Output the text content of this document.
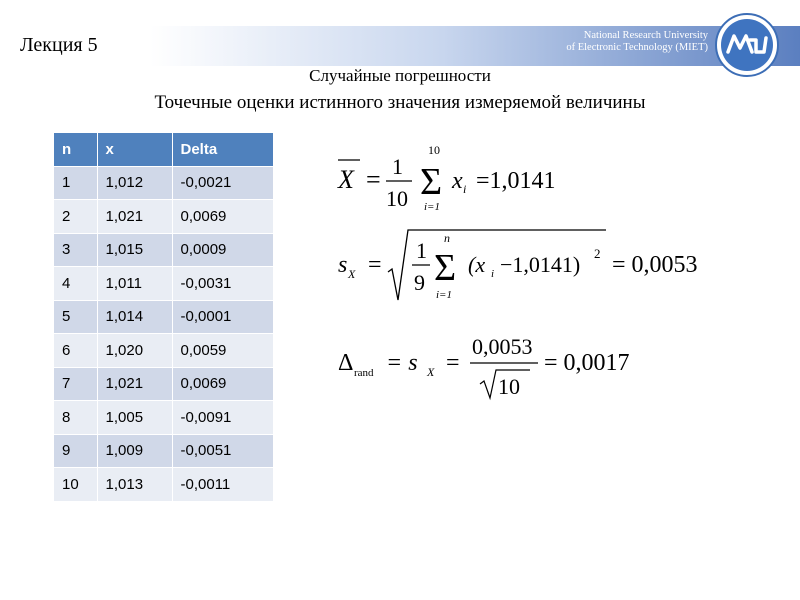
National Research University
of Electronic Technology (MIET)
Лекция 5
Случайные погрешности
Точечные оценки истинного значения измеряемой величины
n	x	Delta
1	1,012	-0,0021
2	1,021	0,0069
3	1,015	0,0009
4	1,011	-0,0031
5	1,014	-0,0001
6	1,020	0,0059
7	1,021	0,0069
8	1,005	-0,0091
9	1,009	-0,0051
10	1,013	-0,0011
X = 1
10
10
Σ
i=1
x i =1,0141
s X =
1
9
n
Σ
i=1
(x i −1,0141) 2 = 0,0053
Δ rand = s X =
0,0053
10
= 0,0017
